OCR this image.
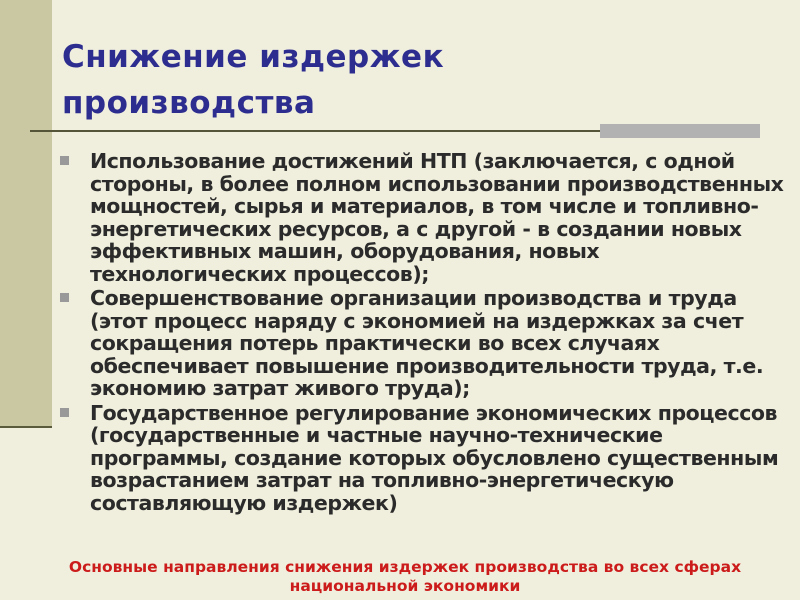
Снижение издержек
производства
Использование достижений НТП (заключается, с одной стороны, в более полном использовании производственных мощностей, сырья и материалов, в том числе и топливно-энергетических ресурсов, а с другой - в создании новых эффективных машин, оборудования, новых технологических процессов);
Совершенствование организации производства и труда (этот процесс наряду с экономией на издержках за счет сокращения потерь практически во всех случаях обеспечивает повышение производительности труда, т.е. экономию затрат живого труда);
Государственное регулирование экономических процессов (государственные и частные научно-технические программы, создание которых обусловлено существенным возрастанием затрат на топливно-энергетическую составляющую издержек)
Основные направления снижения издержек производства во всех сферах национальной экономики
